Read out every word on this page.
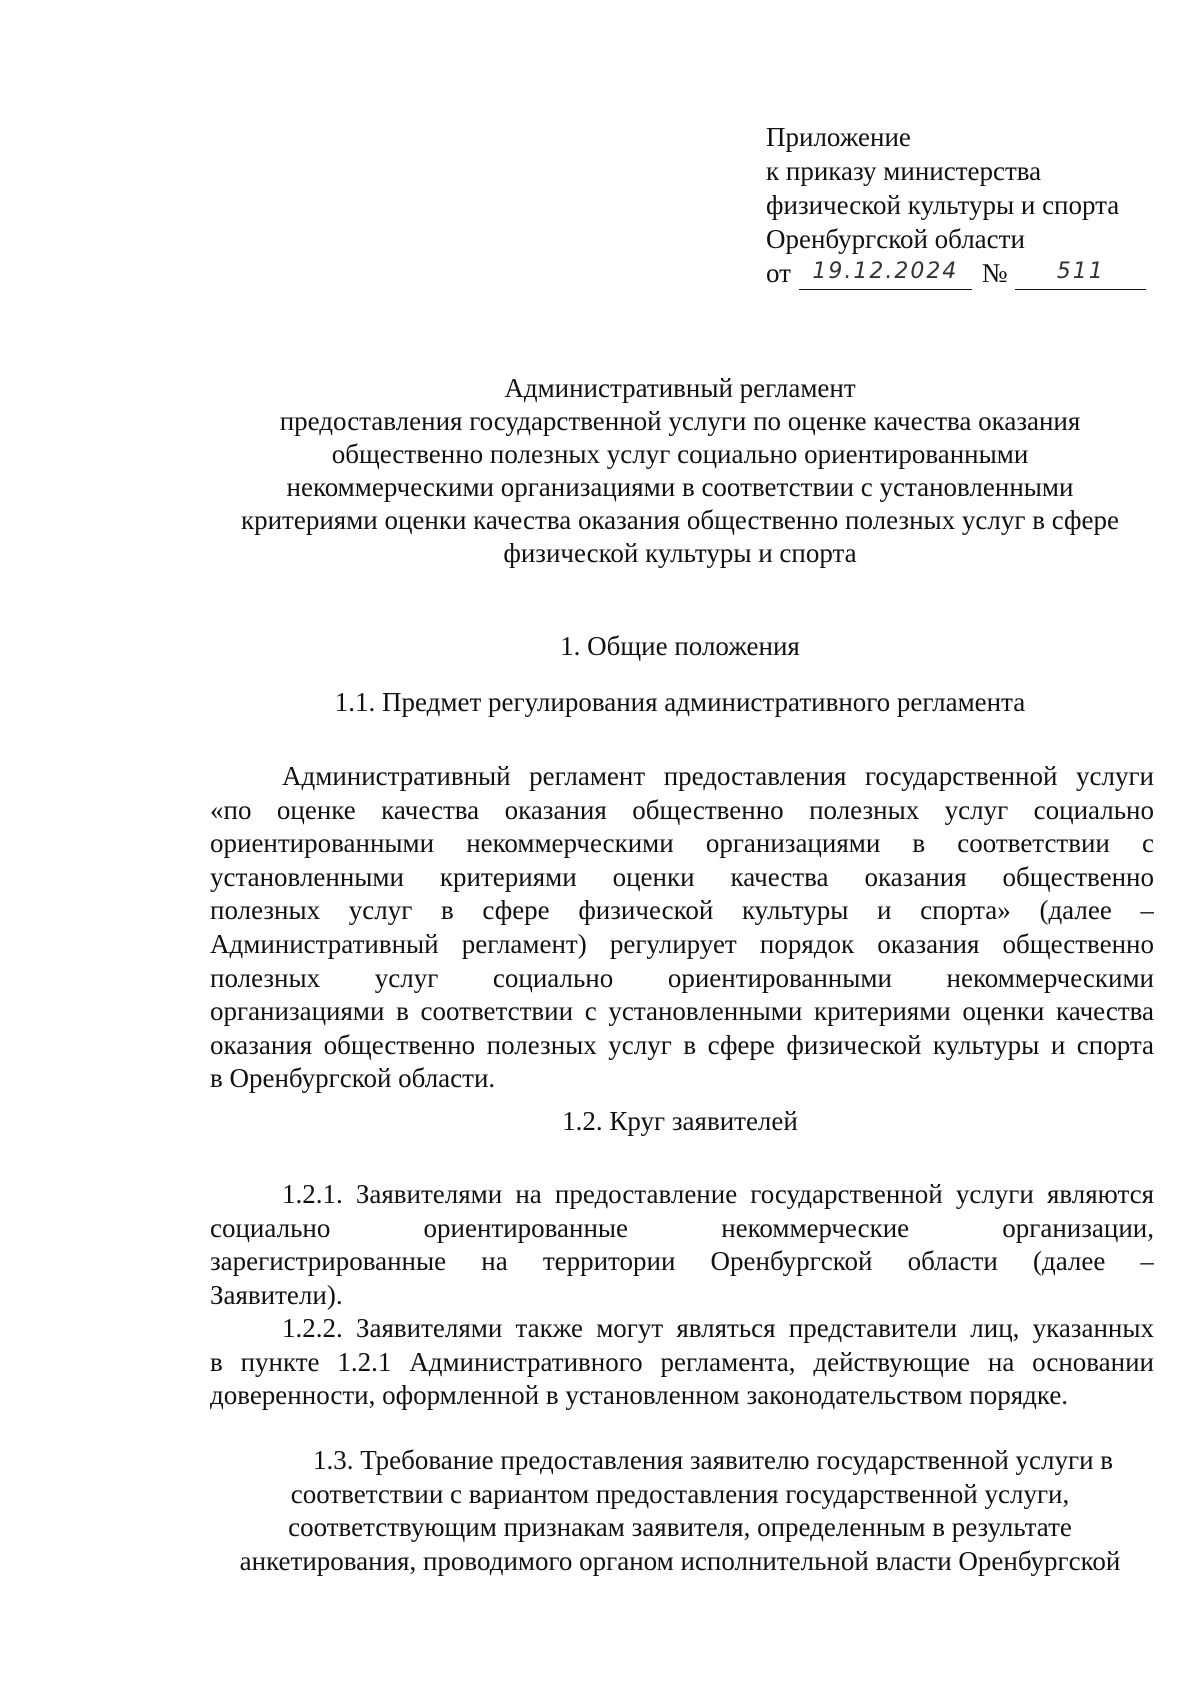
Приложение
к приказу министерства
физической культуры и спорта
Оренбургской области
от 19.12.2024 №	511
Административный регламент
предоставления государственной услуги по оценке качества оказания
общественно полезных услуг социально ориентированными
некоммерческими организациями в соответствии с установленными
критериями оценки качества оказания общественно полезных услуг в сфере
физической культуры и спорта
1. Общие положения
1.1. Предмет регулирования административного регламента
Административный регламент предоставления государственной услуги
«по оценке качества оказания общественно полезных услуг социально
ориентированными некоммерческими организациями в соответствии с
установленными критериями оценки качества оказания общественно
полезных услуг в сфере физической культуры и спорта» (далее –
Административный регламент) регулирует порядок оказания общественно
полезных услуг социально ориентированными некоммерческими
организациями в соответствии с установленными критериями оценки качества
оказания общественно полезных услуг в сфере физической культуры и спорта
в Оренбургской области.
1.2. Круг заявителей
1.2.1. Заявителями на предоставление государственной услуги являются
социально ориентированные некоммерческие организации,
зарегистрированные на территории Оренбургской области (далее –
Заявители).
1.2.2. Заявителями также могут являться представители лиц, указанных
в пункте 1.2.1 Административного регламента, действующие на основании
доверенности, оформленной в установленном законодательством порядке.
1.3. Требование предоставления заявителю государственной услуги в
соответствии с вариантом предоставления государственной услуги,
соответствующим признакам заявителя, определенным в результате
анкетирования, проводимого органом исполнительной власти Оренбургской
